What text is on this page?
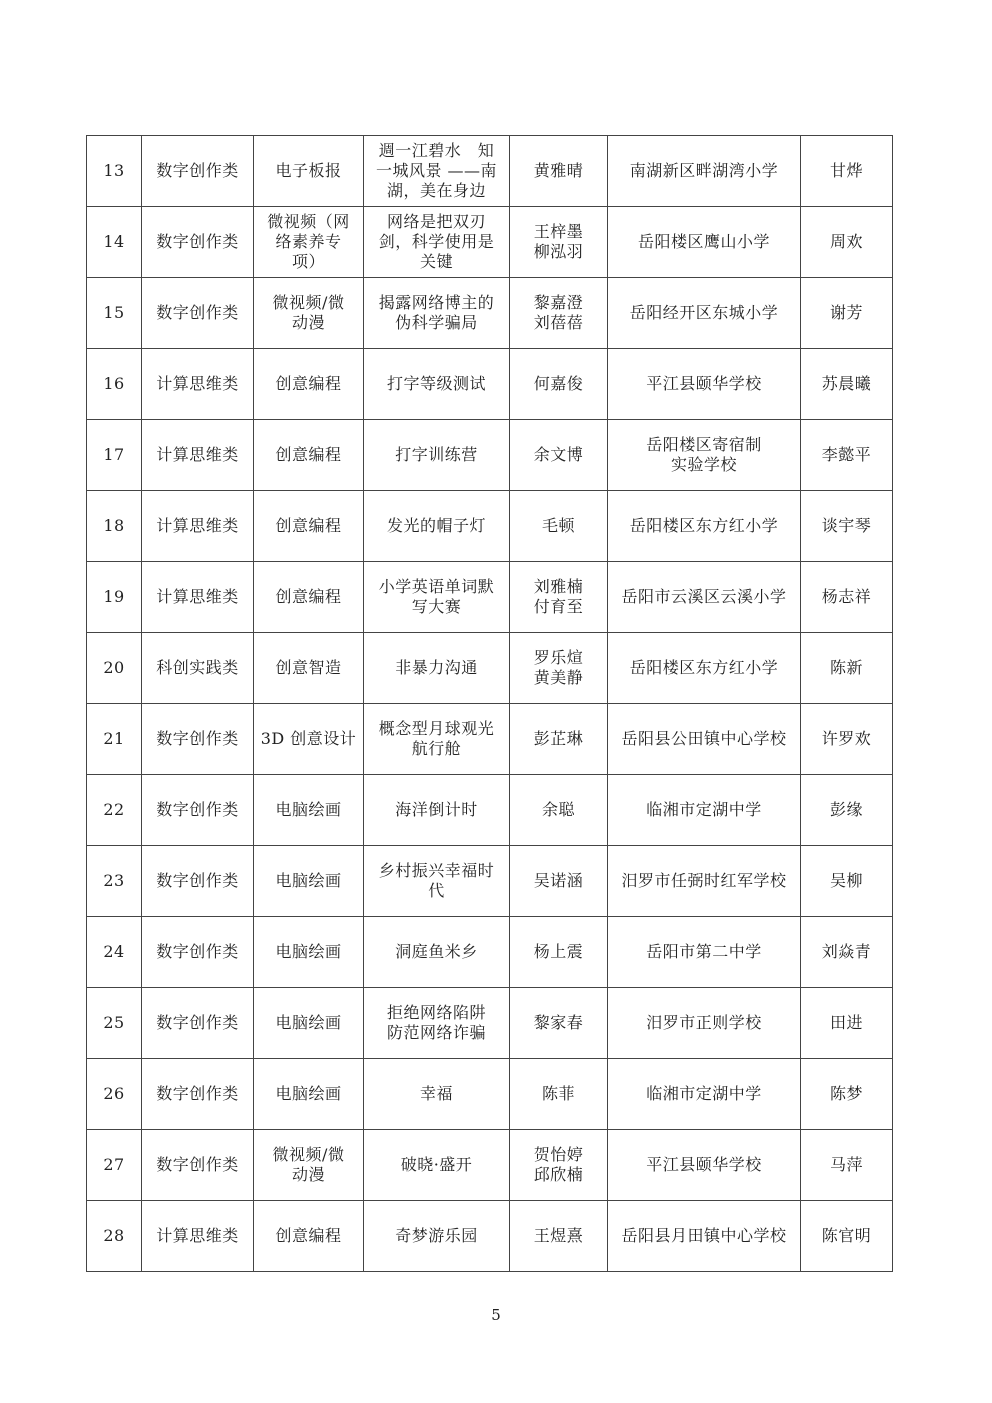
13	数字创作类	电子板报	週一江碧水　知
一城风景 ——南
湖，美在身边	黄雅晴	南湖新区畔湖湾小学	甘烨
14	数字创作类	微视频（网
络素养专
项）	网络是把双刃
剑，科学使用是
关键	王梓墨
柳泓羽	岳阳楼区鹰山小学	周欢
15	数字创作类	微视频/微
动漫	揭露网络博主的
伪科学骗局	黎嘉澄
刘蓓蓓	岳阳经开区东城小学	谢芳
16	计算思维类	创意编程	打字等级测试	何嘉俊	平江县颐华学校	苏晨曦
17	计算思维类	创意编程	打字训练营	余文博	岳阳楼区寄宿制
实验学校	李懿平
18	计算思维类	创意编程	发光的帽子灯	毛顿	岳阳楼区东方红小学	谈宇琴
19	计算思维类	创意编程	小学英语单词默
写大赛	刘雅楠
付育至	岳阳市云溪区云溪小学	杨志祥
20	科创实践类	创意智造	非暴力沟通	罗乐煊
黄美静	岳阳楼区东方红小学	陈新
21	数字创作类	3D 创意设计	概念型月球观光
航行舱	彭芷琳	岳阳县公田镇中心学校	许罗欢
22	数字创作类	电脑绘画	海洋倒计时	余聪	临湘市定湖中学	彭缘
23	数字创作类	电脑绘画	乡村振兴幸福时
代	吴诺涵	汨罗市任弼时红军学校	吴柳
24	数字创作类	电脑绘画	洞庭鱼米乡	杨上震	岳阳市第二中学	刘焱青
25	数字创作类	电脑绘画	拒绝网络陷阱
防范网络诈骗	黎家春	汨罗市正则学校	田进
26	数字创作类	电脑绘画	幸福	陈菲	临湘市定湖中学	陈梦
27	数字创作类	微视频/微
动漫	破晓·盛开	贺怡婷
邱欣楠	平江县颐华学校	马萍
28	计算思维类	创意编程	奇梦游乐园	王煜熹	岳阳县月田镇中心学校	陈官明
5
